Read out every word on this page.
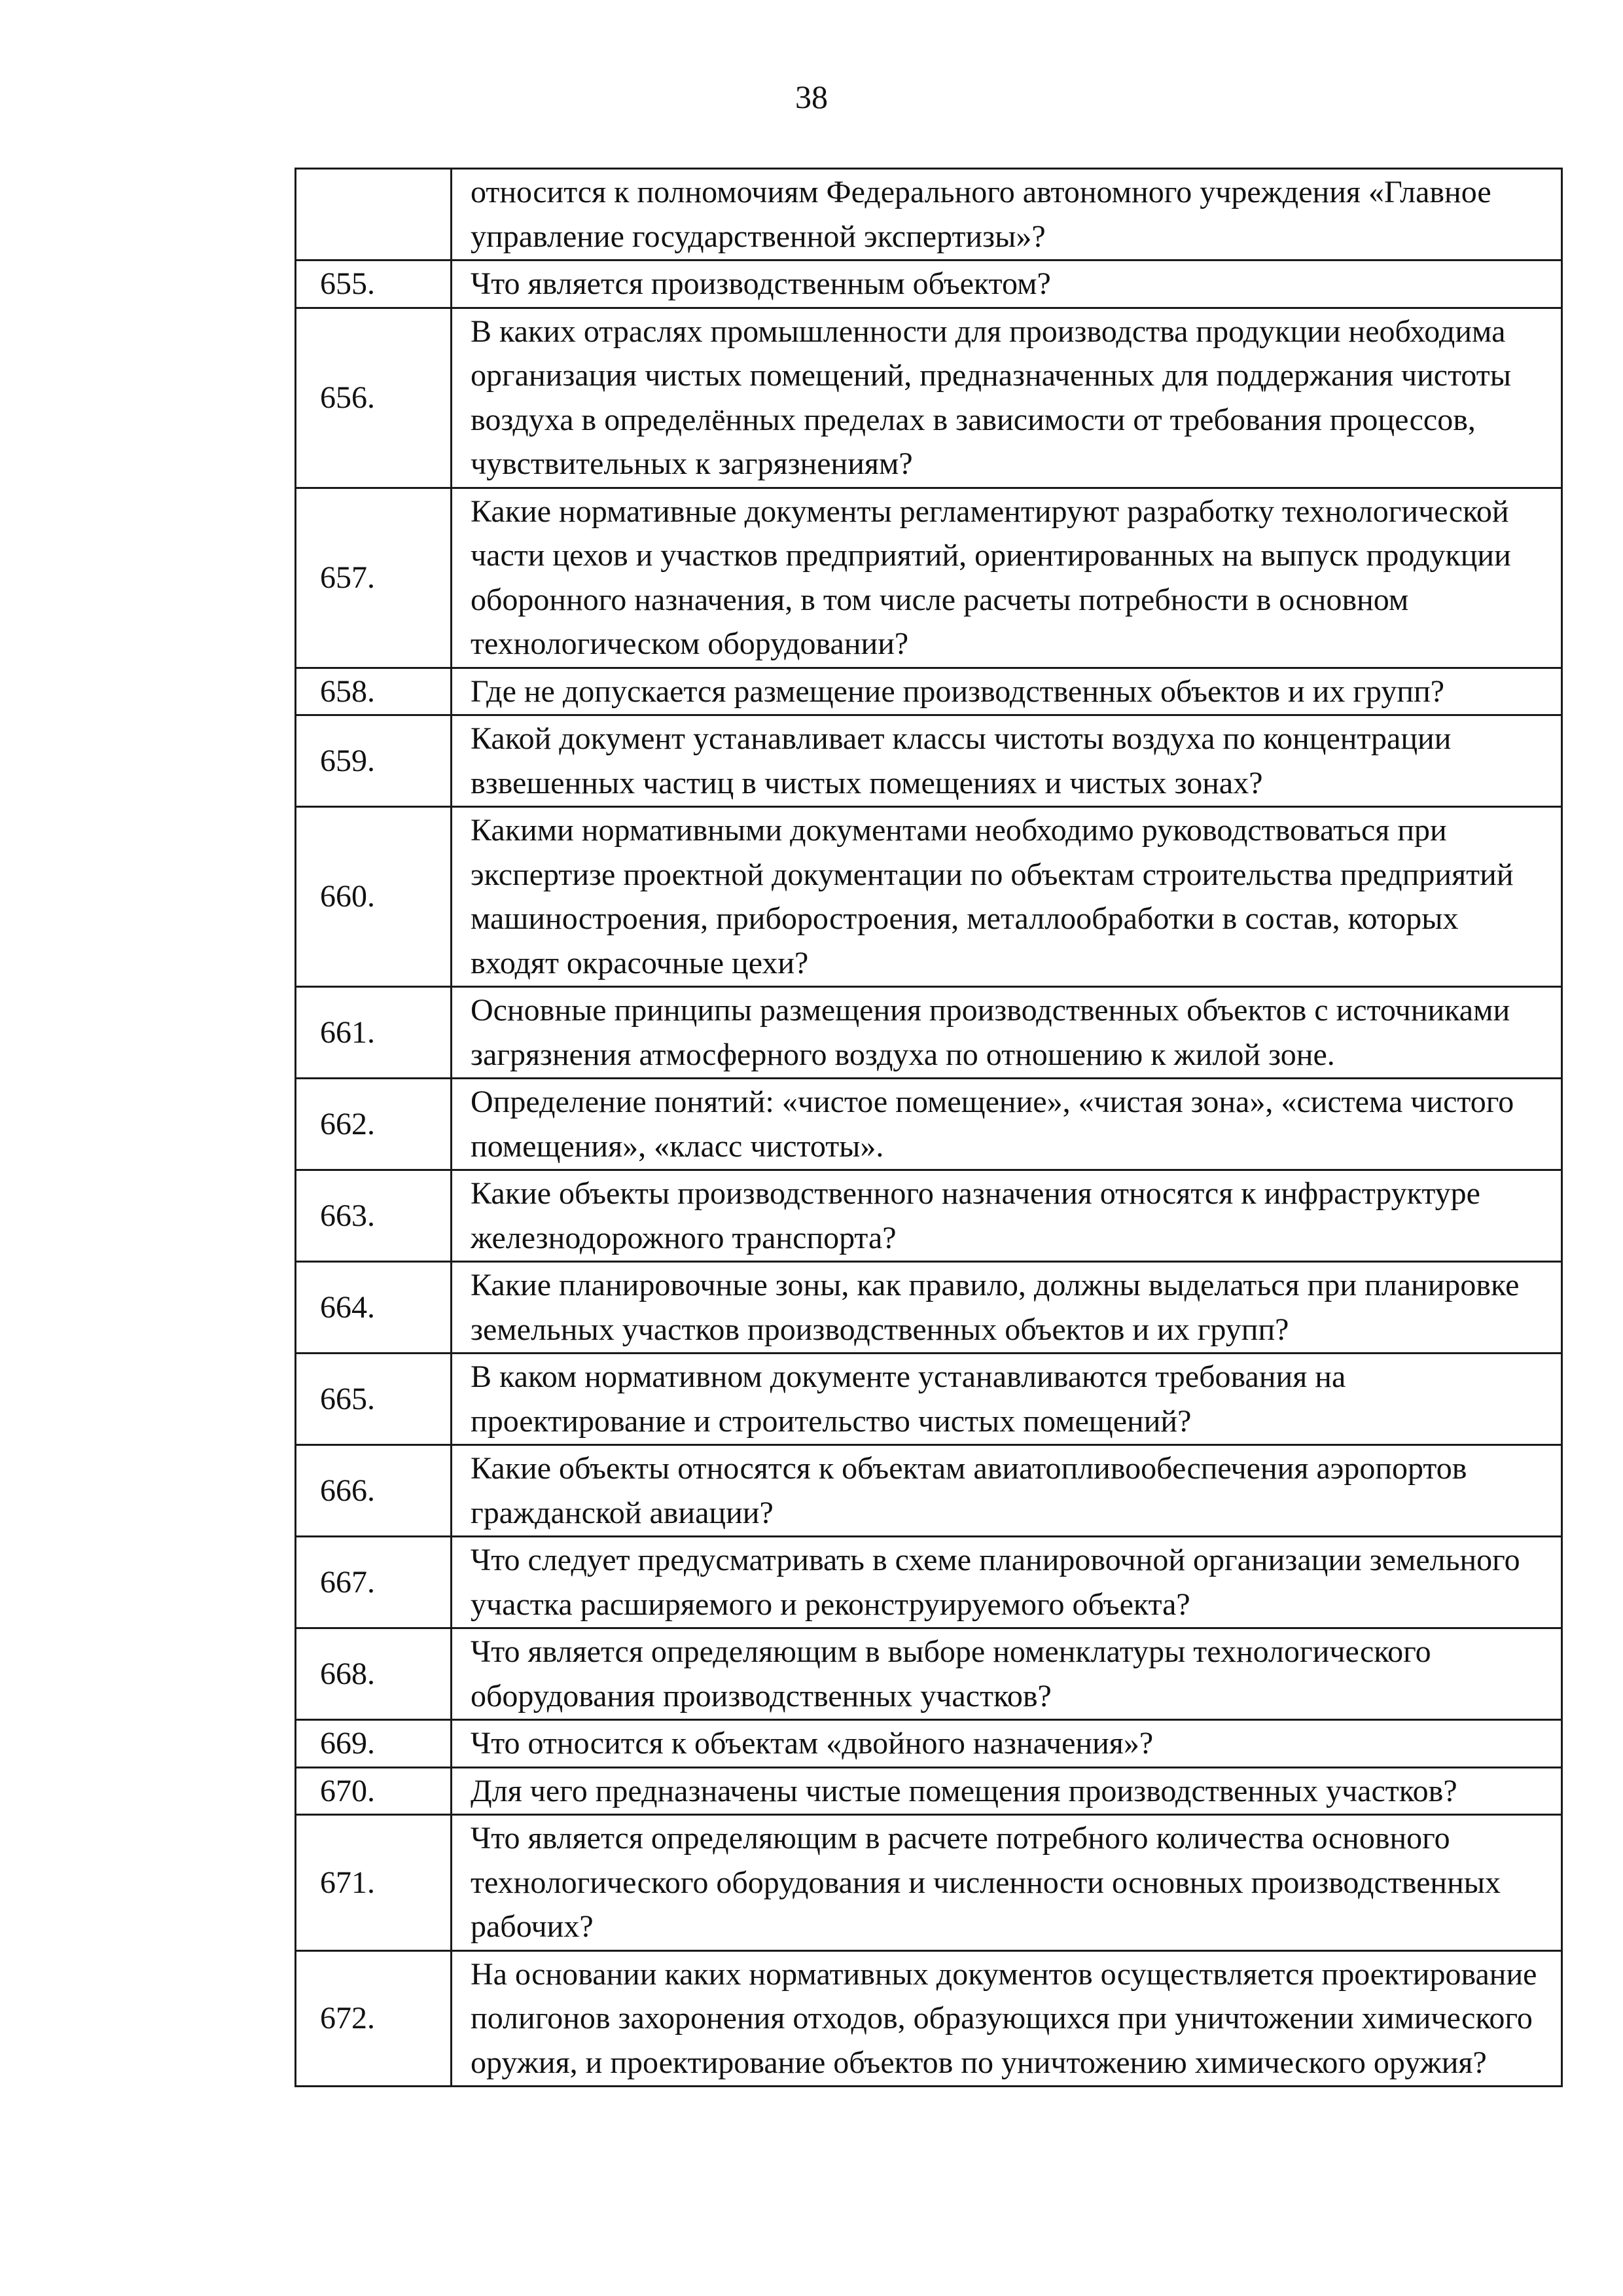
38
	относится к полномочиям Федерального автономного учреждения «Главное управление государственной экспертизы»?
655.	Что является производственным объектом?
656.	В каких отраслях промышленности для производства продукции необходима организация чистых помещений, предназначенных для поддержания чистоты воздуха в определённых пределах в зависимости от требования процессов, чувствительных к загрязнениям?
657.	Какие нормативные документы регламентируют разработку технологической части цехов и участков предприятий, ориентированных на выпуск продукции оборонного назначения, в том числе расчеты потребности в основном технологическом оборудовании?
658.	Где не допускается размещение производственных объектов и их групп?
659.	Какой документ устанавливает классы чистоты воздуха по концентрации взвешенных частиц в чистых помещениях и чистых зонах?
660.	Какими нормативными документами необходимо руководствоваться при экспертизе проектной документации по объектам строительства предприятий машиностроения, приборостроения, металлообработки в состав, которых входят окрасочные цехи?
661.	Основные принципы размещения производственных объектов с источниками загрязнения атмосферного воздуха по отношению к жилой зоне.
662.	Определение понятий: «чистое помещение», «чистая зона», «система чистого помещения», «класс чистоты».
663.	Какие объекты производственного назначения относятся к инфраструктуре железнодорожного транспорта?
664.	Какие планировочные зоны, как правило, должны выделаться при планировке земельных участков производственных объектов и их групп?
665.	В каком нормативном документе устанавливаются требования на проектирование и строительство чистых помещений?
666.	Какие объекты относятся к объектам авиатопливообеспечения аэропортов гражданской авиации?
667.	Что следует предусматривать в схеме планировочной организации земельного участка расширяемого и реконструируемого объекта?
668.	Что является определяющим в выборе номенклатуры технологического оборудования производственных участков?
669.	Что относится к объектам «двойного назначения»?
670.	Для чего предназначены чистые помещения производственных участков?
671.	Что является определяющим в расчете потребного количества основного технологического оборудования и численности основных производственных рабочих?
672.	На основании каких нормативных документов осуществляется проектирование полигонов захоронения отходов, образующихся при уничтожении химического оружия, и проектирование объектов по уничтожению химического оружия?
